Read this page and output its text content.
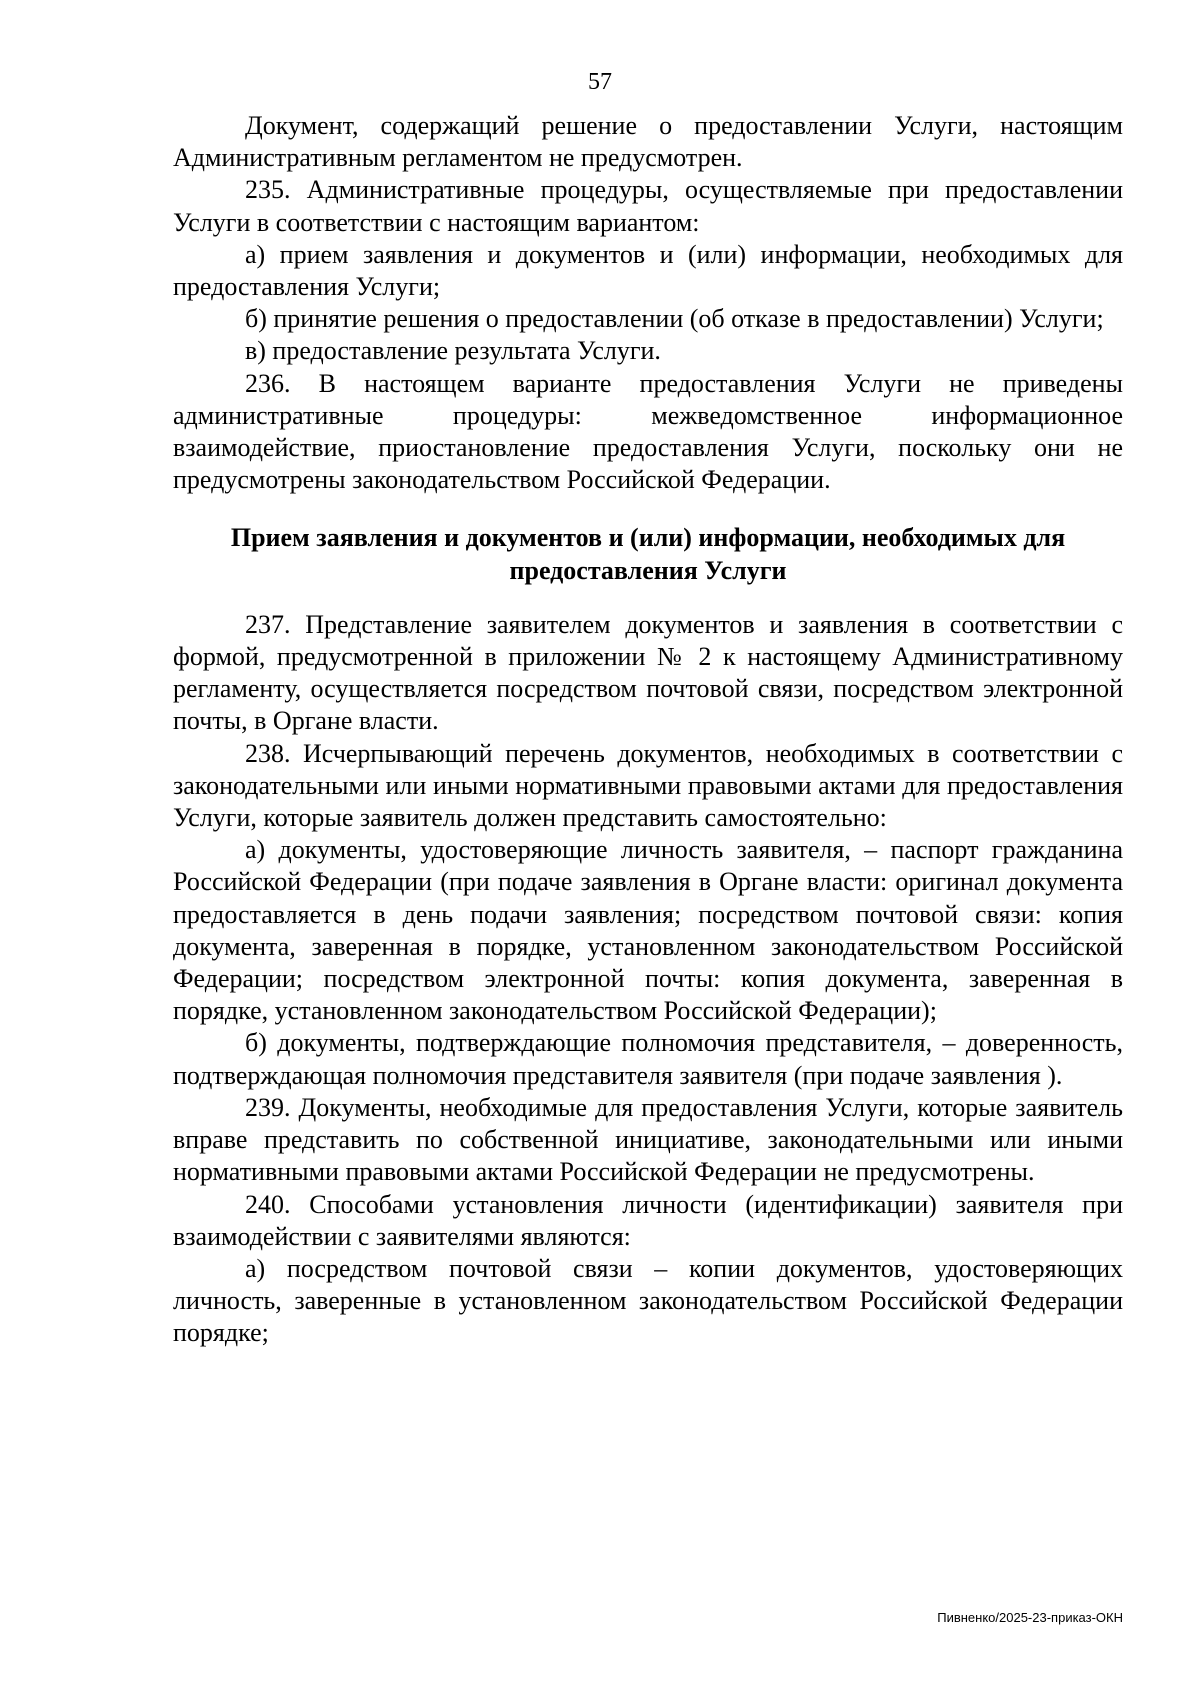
57

Документ, содержащий решение о предоставлении Услуги, настоящим Административным регламентом не предусмотрен.

235. Административные процедуры, осуществляемые при предоставлении Услуги в соответствии с настоящим вариантом:

а) прием заявления и документов и (или) информации, необходимых для предоставления Услуги;

б) принятие решения о предоставлении (об отказе в предоставлении) Услуги;

в) предоставление результата Услуги.

236. В настоящем варианте предоставления Услуги не приведены административные процедуры: межведомственное информационное взаимодействие, приостановление предоставления Услуги, поскольку они не предусмотрены законодательством Российской Федерации.

Прием заявления и документов и (или) информации, необходимых для
предоставления Услуги

237. Представление заявителем документов и заявления в соответствии с формой, предусмотренной в приложении № 2 к настоящему Административному регламенту, осуществляется посредством почтовой связи, посредством электронной почты, в Органе власти.

238. Исчерпывающий перечень документов, необходимых в соответствии с законодательными или иными нормативными правовыми актами для предоставления Услуги, которые заявитель должен представить самостоятельно:

а) документы, удостоверяющие личность заявителя, – паспорт гражданина Российской Федерации (при подаче заявления в Органе власти: оригинал документа предоставляется в день подачи заявления; посредством почтовой связи: копия документа, заверенная в порядке, установленном законодательством Российской Федерации; посредством электронной почты: копия документа, заверенная в порядке, установленном законодательством Российской Федерации);

б) документы, подтверждающие полномочия представителя, – доверенность, подтверждающая полномочия представителя заявителя (при подаче заявления ).

239. Документы, необходимые для предоставления Услуги, которые заявитель вправе представить по собственной инициативе, законодательными или иными нормативными правовыми актами Российской Федерации не предусмотрены.

240. Способами установления личности (идентификации) заявителя при взаимодействии с заявителями являются:

а) посредством почтовой связи – копии документов, удостоверяющих личность, заверенные в установленном законодательством Российской Федерации порядке;

Пивненко/2025-23-приказ-ОКН
